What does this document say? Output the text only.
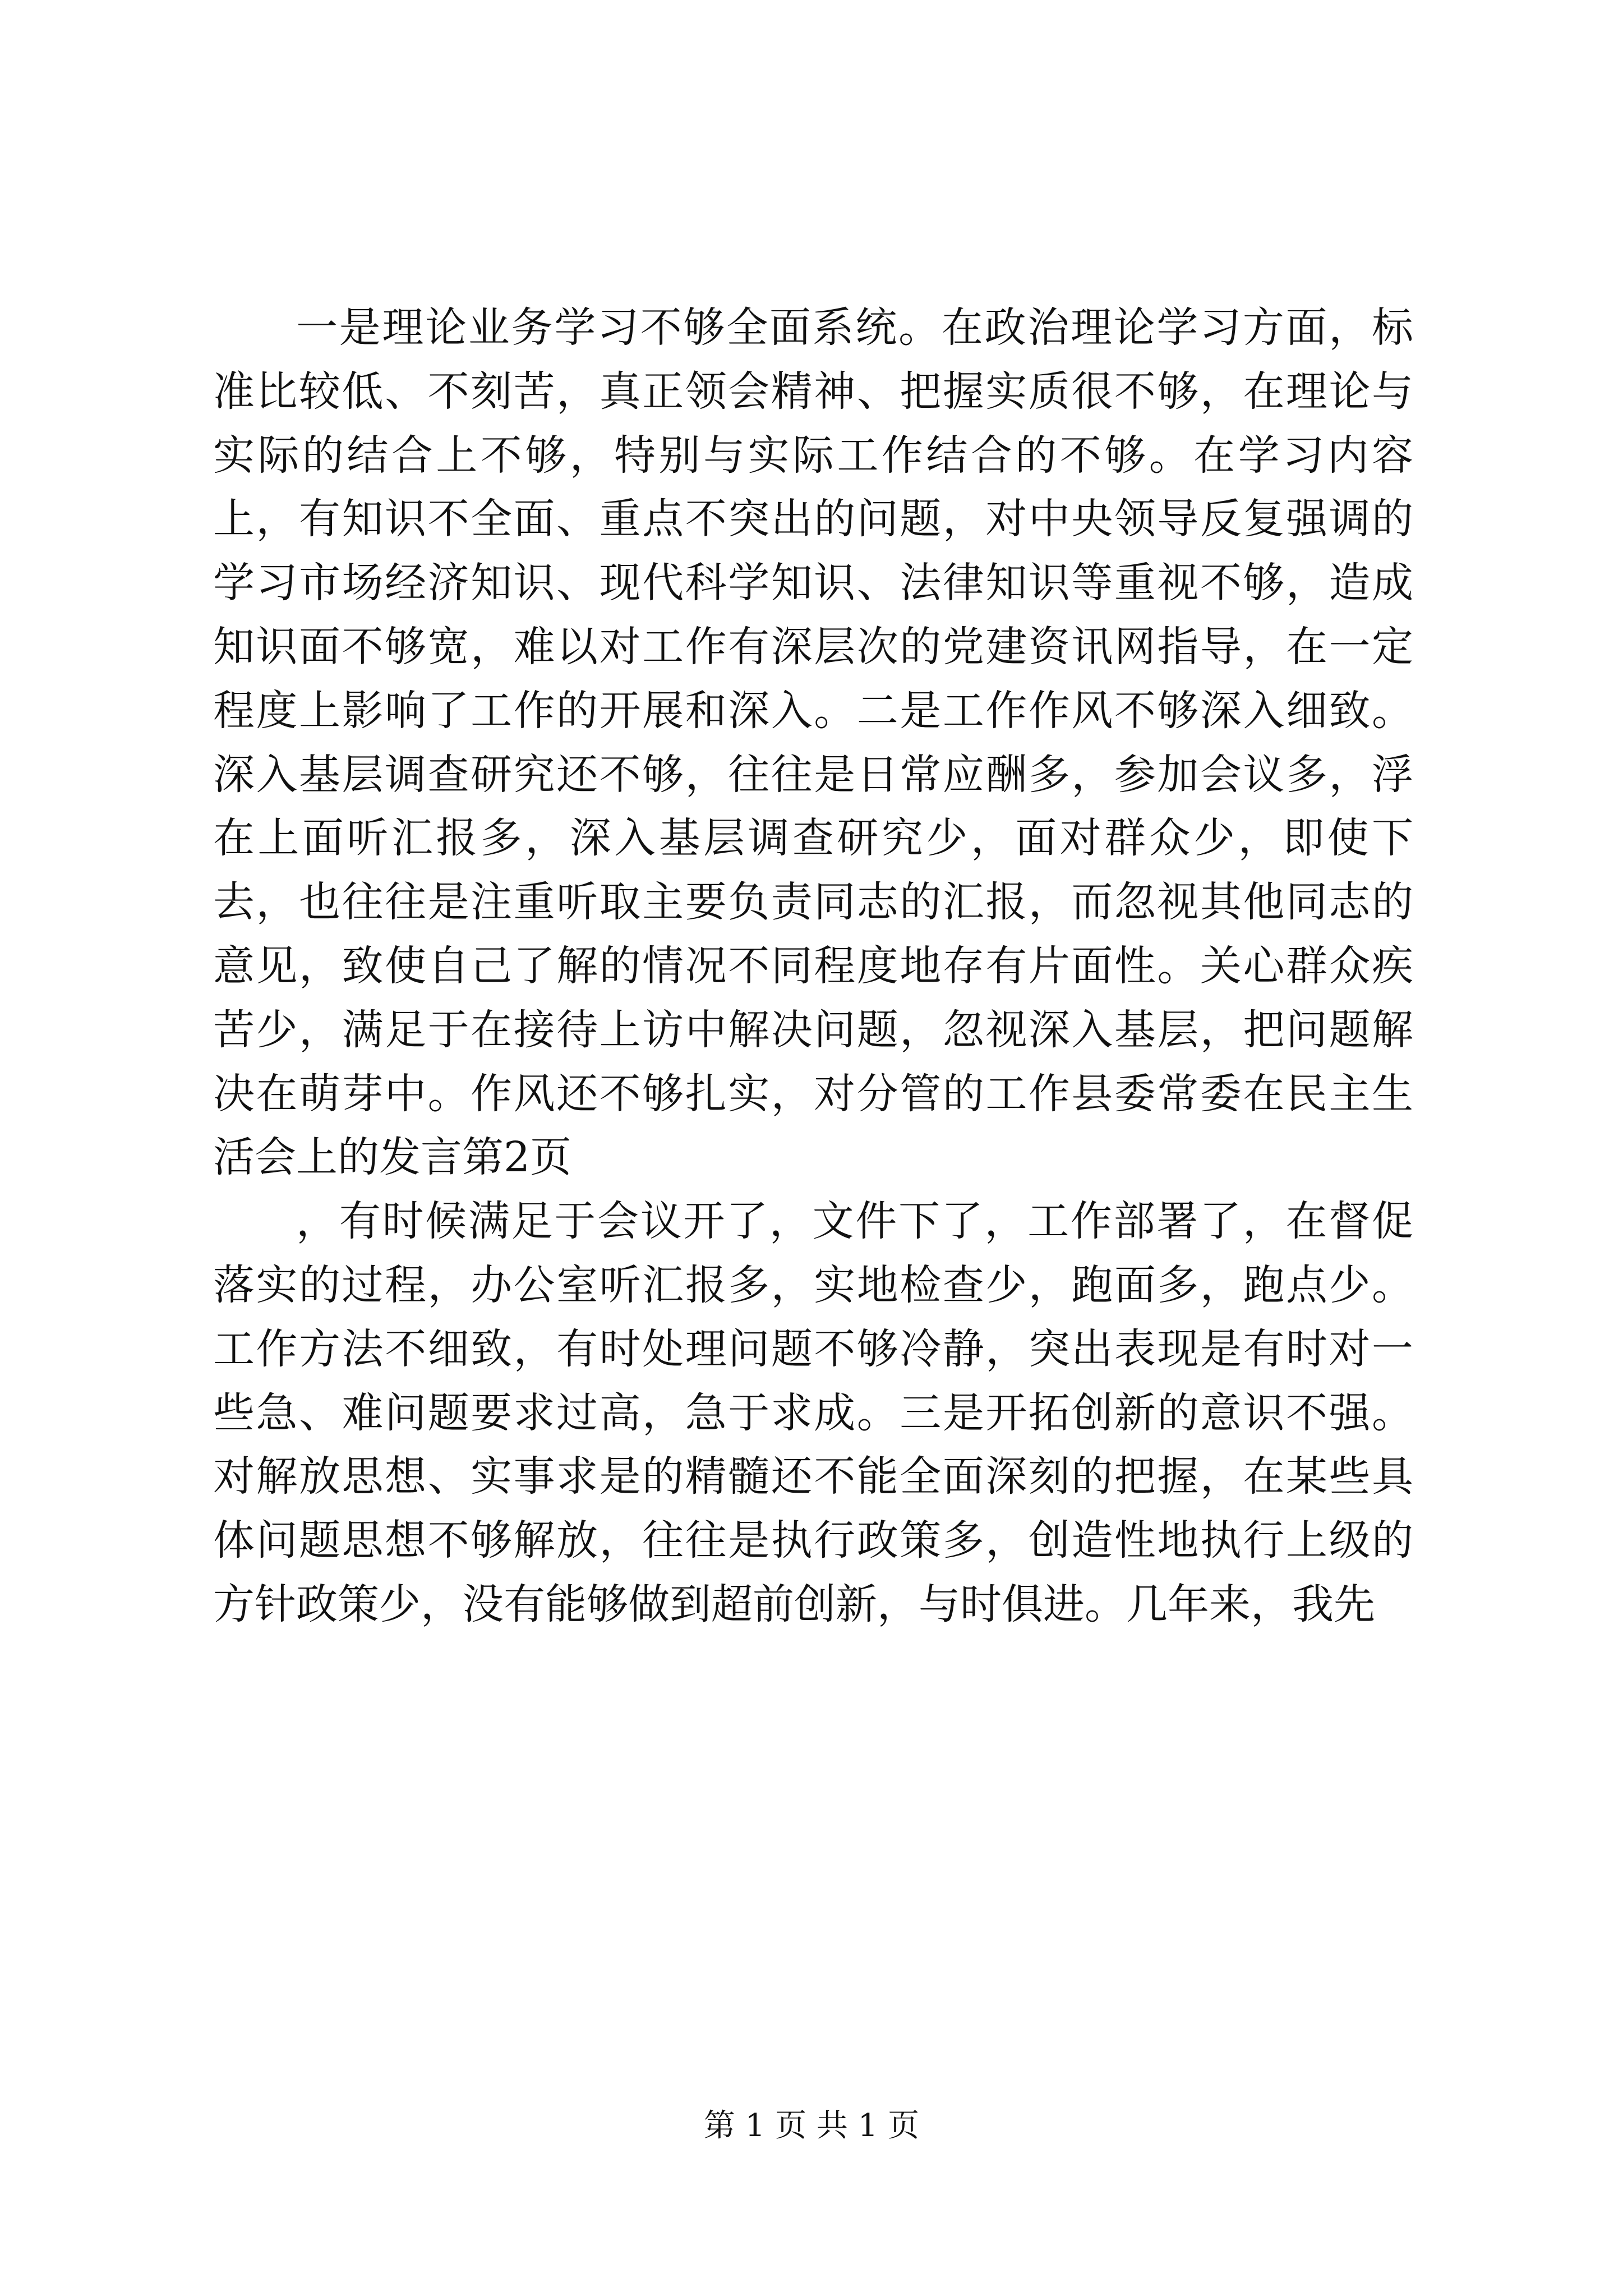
一是理论业务学习不够全面系统。在政治理论学习方面，标准比较低、不刻苦，真正领会精神、把握实质很不够，在理论与实际的结合上不够，特别与实际工作结合的不够。在学习内容上，有知识不全面、重点不突出的问题，对中央领导反复强调的学习市场经济知识、现代科学知识、法律知识等重视不够，造成知识面不够宽，难以对工作有深层次的党建资讯网指导，在一定程度上影响了工作的开展和深入。二是工作作风不够深入细致。深入基层调查研究还不够，往往是日常应酬多，参加会议多，浮在上面听汇报多，深入基层调查研究少，面对群众少，即使下去，也往往是注重听取主要负责同志的汇报，而忽视其他同志的意见，致使自己了解的情况不同程度地存有片面性。关心群众疾苦少，满足于在接待上访中解决问题，忽视深入基层，把问题解决在萌芽中。作风还不够扎实，对分管的工作县委常委在民主生活会上的发言第2页

，有时候满足于会议开了，文件下了，工作部署了，在督促落实的过程，办公室听汇报多，实地检查少，跑面多，跑点少。工作方法不细致，有时处理问题不够冷静，突出表现是有时对一些急、难问题要求过高，急于求成。三是开拓创新的意识不强。对解放思想、实事求是的精髓还不能全面深刻的把握，在某些具体问题思想不够解放，往往是执行政策多，创造性地执行上级的方针政策少，没有能够做到超前创新，与时俱进。几年来，我先

第 1 页 共 1 页
